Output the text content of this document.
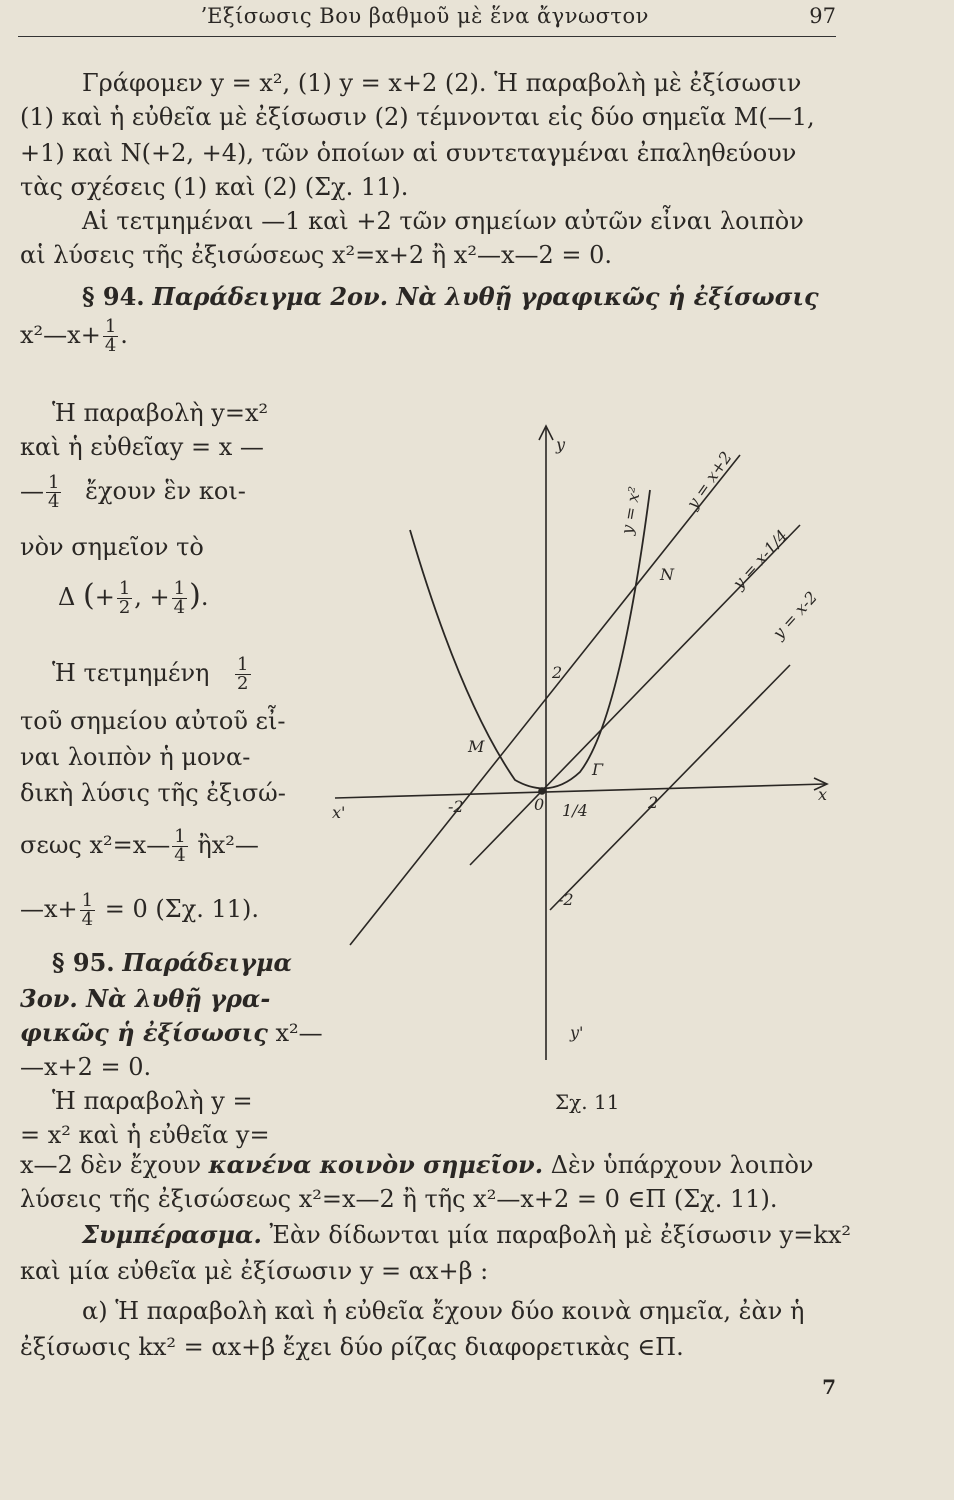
ʼΕξίσωσις Βου βαθμοῦ μὲ ἕνα ἄγνωστον	97
Γράφομεν y = x², (1) y = x+2 (2). Ἡ παραβολὴ μὲ ἐξίσωσιν
(1) καὶ ἡ εὐθεῖα μὲ ἐξίσωσιν (2) τέμνονται εἰς δύο σημεῖα Μ(—1,
+1) καὶ Ν(+2, +4), τῶν ὁποίων αἱ συντεταγμέναι ἐπαληθεύουν
τὰς σχέσεις (1) καὶ (2) (Σχ. 11).
Αἱ τετμημέναι —1 καὶ +2 τῶν σημείων αὐτῶν εἶναι λοιπὸν
αἱ λύσεις τῆς ἐξισώσεως x²=x+2 ἢ x²—x—2 = 0.
§ 94. Παράδειγμα 2ον. Νὰ λυθῇ γραφικῶς ἡ ἐξίσωσις
x²—x+ $\frac{1}{4}$ .
Ἡ παραβολὴ y=x²
καὶ ἡ εὐθεῖαy = x —
— $\frac{1}{4}$ ἔχουν ἓν κοι-
νὸν σημεῖον τὸ
Δ (+ $\frac{1}{2}$ , + $\frac{1}{4}$ ).
Ἡ τετμημένη $\frac{1}{2}$
τοῦ σημείου αὐτοῦ εἶ-
ναι λοιπὸν ἡ μονα-
δικὴ λύσις τῆς ἐξισώ-
σεως x²=x— $\frac{1}{4}$ ἢx²—
—x+ $\frac{1}{4} = 0$ (Σχ. 11).
§ 95. Παράδειγμα
3ον. Νὰ λυθῇ γρα-
φικῶς ἡ ἐξίσωσις x²—
—x+2 = 0.
Ἡ παραβολὴ y =
= x² καὶ ἡ εὐθεῖα y=
y
y'
x
x'	0
2
-2
-2	1/4	2
M
N
Γ
y = x² y = x+2
y = x-1/4
y = x-2
Σχ. 11
x—2 δὲν ἔχουν κανένα κοινὸν σημεῖον. Δὲν ὑπάρχουν λοιπὸν
λύσεις τῆς ἐξισώσεως x²=x—2 ἢ τῆς x²—x+2 = 0 ∈Π (Σχ. 11).
Συμπέρασμα. Ἐὰν δίδωνται μία παραβολὴ μὲ ἐξίσωσιν y=kx²
καὶ μία εὐθεῖα μὲ ἐξίσωσιν y = αx+β :
α) Ἡ παραβολὴ καὶ ἡ εὐθεῖα ἔχουν δύο κοινὰ σημεῖα, ἐὰν ἡ
ἐξίσωσις kx² = αx+β ἔχει δύο ρίζας διαφορετικὰς ∈Π.
7
